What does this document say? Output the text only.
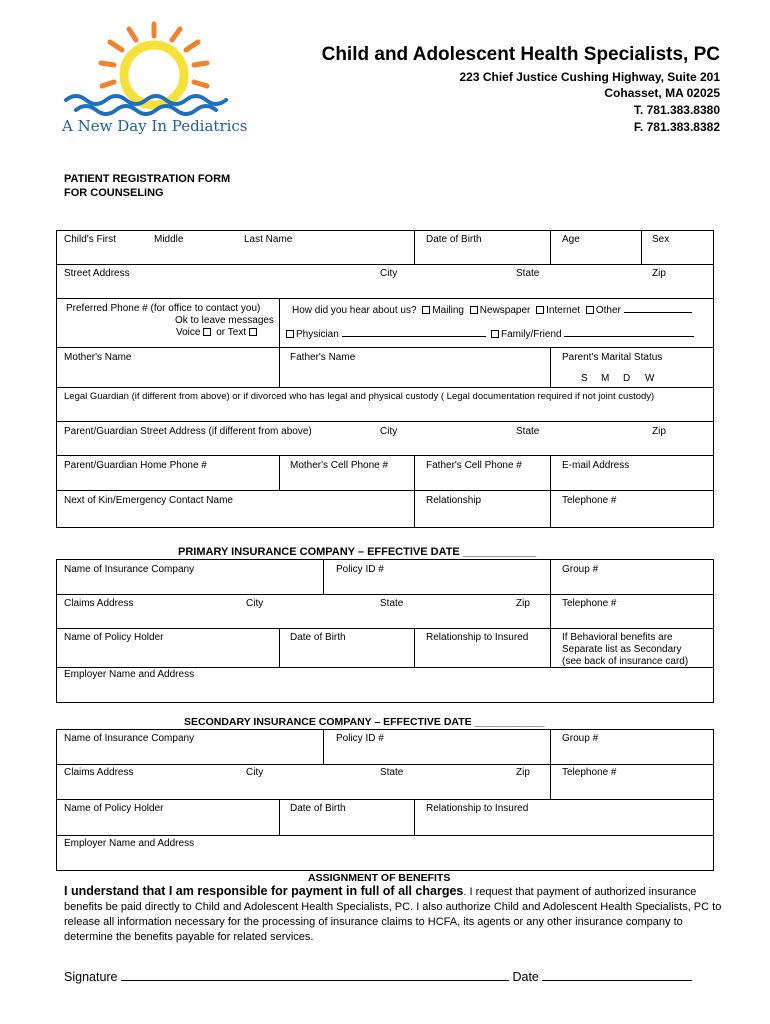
A New Day In Pediatrics
Child and Adolescent Health Specialists, PC
223 Chief Justice Cushing Highway, Suite 201
Cohasset, MA 02025
T. 781.383.8380
F. 781.383.8382
PATIENT REGISTRATION FORM
FOR COUNSELING
Child's First	Middle	Last Name	Date of Birth	Age	Sex
Street Address	City	State	Zip
Preferred Phone # (for office to contact you)
Ok to leave messages
Voice or Text
How did you hear about us? Mailing Newspaper Internet Other
Physician	Family/Friend
Mother's Name	Father's Name	Parent's Marital Status
S M D W
Legal Guardian (if different from above) or if divorced who has legal and physical custody ( Legal documentation required if not joint custody)
Parent/Guardian Street Address (if different from above)	City	State	Zip
Parent/Guardian Home Phone #	Mother's Cell Phone #	Father's Cell Phone #	E-mail Address
Next of Kin/Emergency Contact Name	Relationship	Telephone #
PRIMARY INSURANCE COMPANY – EFFECTIVE DATE ____________
Name of Insurance Company	Policy ID #	Group #
Claims Address	City	State	Zip	Telephone #
Name of Policy Holder	Date of Birth	Relationship to Insured	If Behavioral benefits are
Separate list as Secondary
(see back of insurance card)
Employer Name and Address
SECONDARY INSURANCE COMPANY – EFFECTIVE DATE ____________
Name of Insurance Company	Policy ID #	Group #
Claims Address	City	State	Zip	Telephone #
Name of Policy Holder	Date of Birth	Relationship to Insured
Employer Name and Address
ASSIGNMENT OF BENEFITS
I understand that I am responsible for payment in full of all charges. I request that payment of authorized insurance benefits be paid directly to Child and Adolescent Health Specialists, PC. I also authorize Child and Adolescent Health Specialists, PC to release all information necessary for the processing of insurance claims to HCFA, its agents or any other insurance company to determine the benefits payable for related services.
Signature	Date
